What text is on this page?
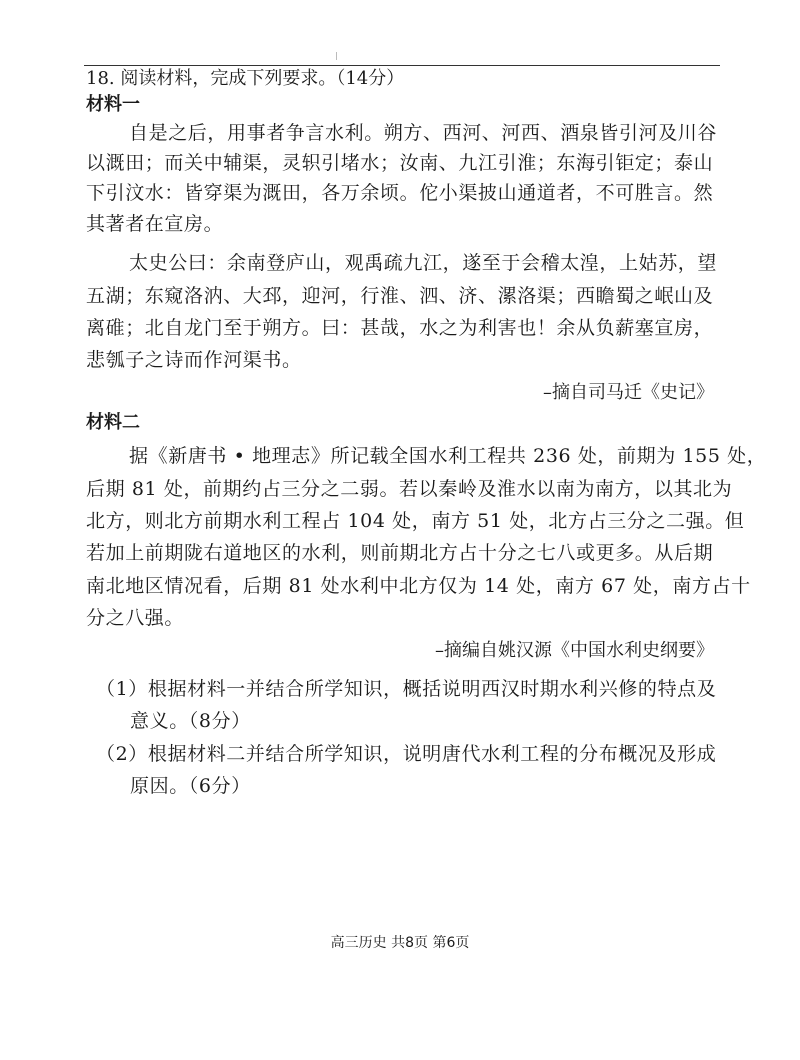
18. 阅读材料，完成下列要求。（14分）
材料一
自是之后，用事者争言水利。朔方、西河、河西、酒泉皆引河及川谷
以溉田；而关中辅渠，灵轵引堵水；汝南、九江引淮；东海引钜定；泰山
下引汶水：皆穿渠为溉田，各万余顷。佗小渠披山通道者，不可胜言。然
其著者在宣房。
太史公曰：余南登庐山，观禹疏九江，遂至于会稽太湟，上姑苏，望
五湖；东窥洛汭、大邳，迎河，行淮、泗、济、漯洛渠；西瞻蜀之岷山及
离碓；北自龙门至于朔方。曰：甚哉，水之为利害也！余从负薪塞宣房，
悲瓠子之诗而作河渠书。
–摘自司马迁《史记》
材料二
据《新唐书 • 地理志》所记载全国水利工程共 236 处，前期为 155 处，
后期 81 处，前期约占三分之二弱。若以秦岭及淮水以南为南方，以其北为
北方，则北方前期水利工程占 104 处，南方 51 处，北方占三分之二强。但
若加上前期陇右道地区的水利，则前期北方占十分之七八或更多。从后期
南北地区情况看，后期 81 处水利中北方仅为 14 处，南方 67 处，南方占十
分之八强。
–摘编自姚汉源《中国水利史纲要》
（1）根据材料一并结合所学知识，概括说明西汉时期水利兴修的特点及
意义。（8分）
（2）根据材料二并结合所学知识，说明唐代水利工程的分布概况及形成
原因。（6分）
高三历史 共8页 第6页
